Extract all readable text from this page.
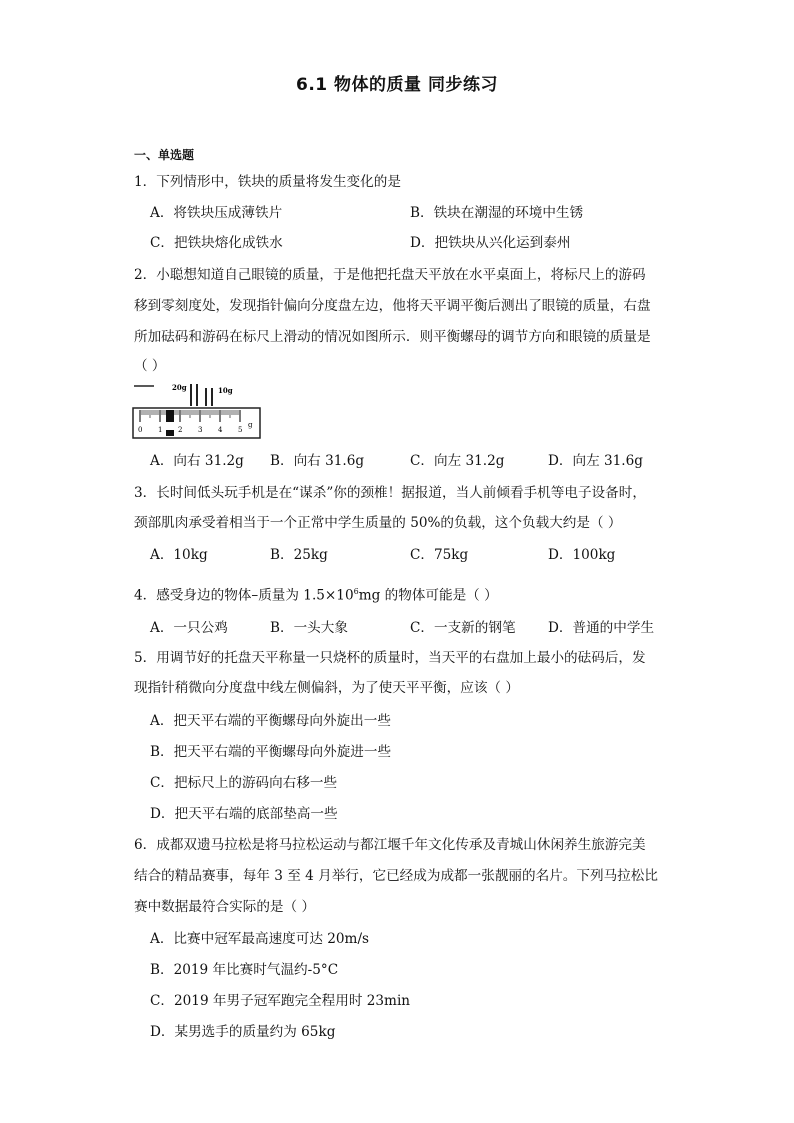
6.1 物体的质量 同步练习
一、单选题
1．下列情形中，铁块的质量将发生变化的是
A．将铁块压成薄铁片	B．铁块在潮湿的环境中生锈
C．把铁块熔化成铁水	D．把铁块从兴化运到泰州
2．小聪想知道自己眼镜的质量，于是他把托盘天平放在水平桌面上，将标尺上的游码
移到零刻度处，发现指针偏向分度盘左边，他将天平调平衡后测出了眼镜的质量，右盘
所加砝码和游码在标尺上滑动的情况如图所示．则平衡螺母的调节方向和眼镜的质量是
（ ）
20g	10g
0 1 2 3 4 5
g
A．向右 31.2g B．向右 31.6g	C．向左 31.2g	D．向左 31.6g
3．长时间低头玩手机是在“谋杀”你的颈椎！据报道，当人前倾看手机等电子设备时，
颈部肌肉承受着相当于一个正常中学生质量的 50%的负载，这个负载大约是（ ）
A．10kg	B．25kg	C．75kg	D．100kg
4．感受身边的物体–质量为 $1.5\times 10^6mg$ 的物体可能是（ ）
A．一只公鸡	B．一头大象	C．一支新的钢笔 D．普通的中学生
5．用调节好的托盘天平称量一只烧杯的质量时，当天平的右盘加上最小的砝码后，发
现指针稍微向分度盘中线左侧偏斜，为了使天平平衡，应该（ ）
A．把天平右端的平衡螺母向外旋出一些
B．把天平右端的平衡螺母向外旋进一些
C．把标尺上的游码向右移一些
D．把天平右端的底部垫高一些
6．成都双遗马拉松是将马拉松运动与都江堰千年文化传承及青城山休闲养生旅游完美
结合的精品赛事，每年 3 至 4 月举行，它已经成为成都一张靓丽的名片。下列马拉松比
赛中数据最符合实际的是（ ）
A．比赛中冠军最高速度可达 20m/s
B．2019 年比赛时气温约-5°C
C．2019 年男子冠军跑完全程用时 23min
D．某男选手的质量约为 65kg
